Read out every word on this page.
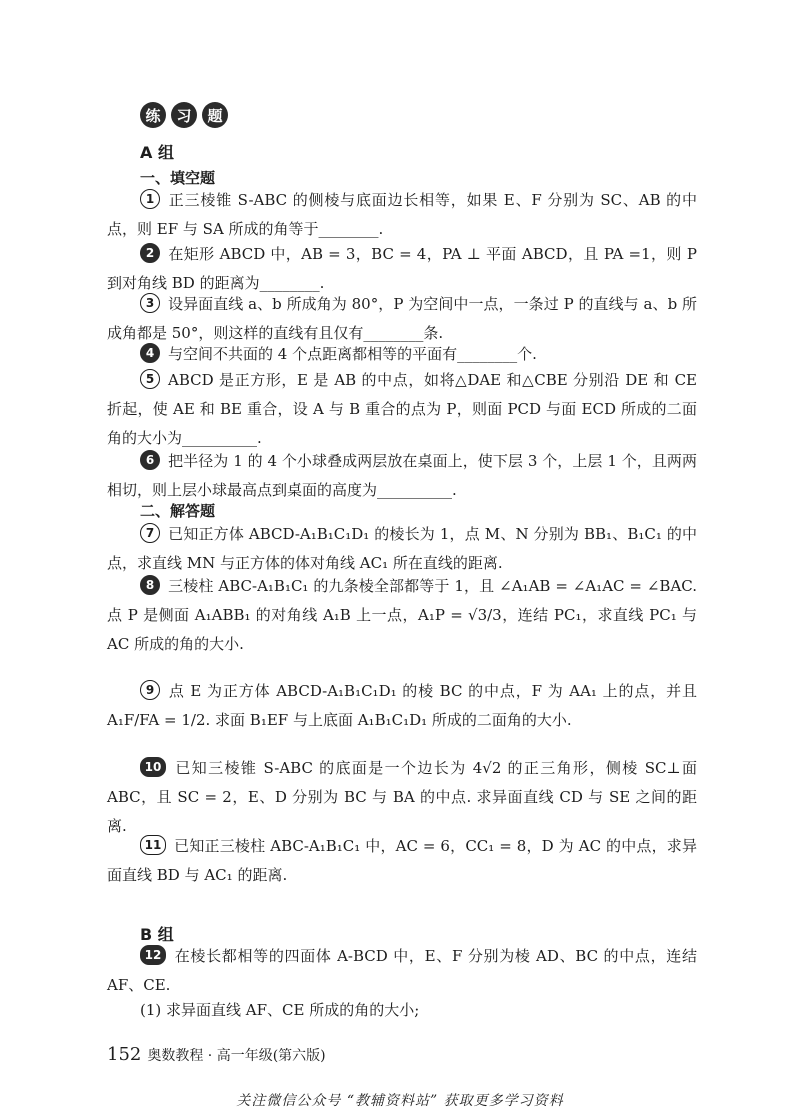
练	习	题
A 组
一、填空题
1 正三棱锥 S-ABC 的侧棱与底面边长相等，如果 E、F 分别为 SC、AB 的中点，则 EF 与 SA 所成的角等于________.
2 在矩形 ABCD 中，AB = 3，BC = 4，PA ⊥ 平面 ABCD，且 PA =1，则 P 到对角线 BD 的距离为________.
3 设异面直线 a、b 所成角为 80°，P 为空间中一点，一条过 P 的直线与 a、b 所成角都是 50°，则这样的直线有且仅有________条.
4 与空间不共面的 4 个点距离都相等的平面有________个.
5 ABCD 是正方形，E 是 AB 的中点，如将△DAE 和△CBE 分别沿 DE 和 CE 折起，使 AE 和 BE 重合，设 A 与 B 重合的点为 P，则面 PCD 与面 ECD 所成的二面角的大小为__________.
6 把半径为 1 的 4 个小球叠成两层放在桌面上，使下层 3 个，上层 1 个，且两两相切，则上层小球最高点到桌面的高度为__________.
二、解答题
7 已知正方体 ABCD-A₁B₁C₁D₁ 的棱长为 1，点 M、N 分别为 BB₁、B₁C₁ 的中点，求直线 MN 与正方体的体对角线 AC₁ 所在直线的距离.
8 三棱柱 ABC-A₁B₁C₁ 的九条棱全部都等于 1，且 ∠A₁AB = ∠A₁AC = ∠BAC. 点 P 是侧面 A₁ABB₁ 的对角线 A₁B 上一点，A₁P = √3/3，连结 PC₁，求直线 PC₁ 与 AC 所成的角的大小.
9 点 E 为正方体 ABCD-A₁B₁C₁D₁ 的棱 BC 的中点，F 为 AA₁ 上的点，并且 A₁F/FA = 1/2. 求面 B₁EF 与上底面 A₁B₁C₁D₁ 所成的二面角的大小.
10 已知三棱锥 S-ABC 的底面是一个边长为 4√2 的正三角形，侧棱 SC⊥面 ABC，且 SC = 2，E、D 分别为 BC 与 BA 的中点. 求异面直线 CD 与 SE 之间的距离.
11 已知正三棱柱 ABC-A₁B₁C₁ 中，AC = 6，CC₁ = 8，D 为 AC 的中点，求异面直线 BD 与 AC₁ 的距离.
B 组
12 在棱长都相等的四面体 A-BCD 中，E、F 分别为棱 AD、BC 的中点，连结 AF、CE.
(1) 求异面直线 AF、CE 所成的角的大小;
152 奥数教程 · 高一年级(第六版)
关注微信公众号 “教辅资料站” 获取更多学习资料
